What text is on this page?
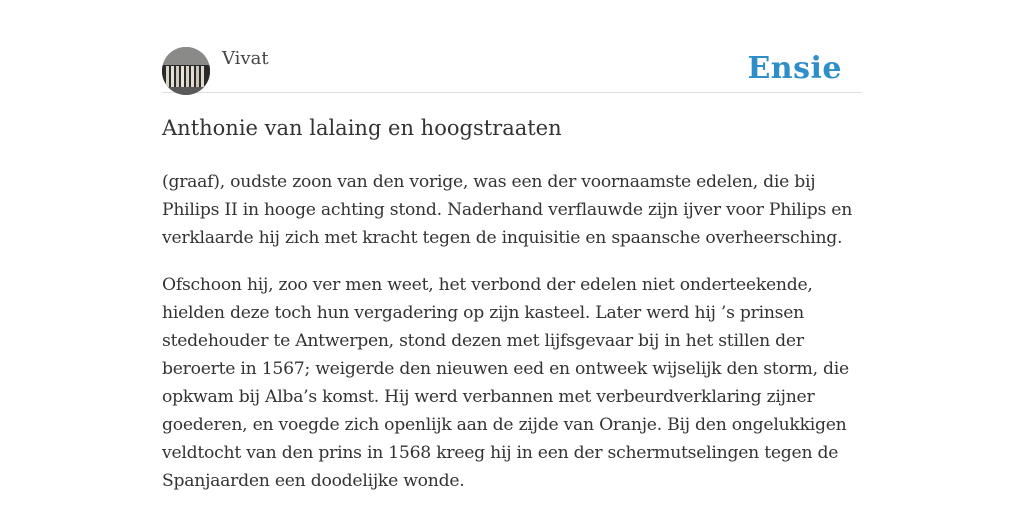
Vivat	Ensie
Anthonie van lalaing en hoogstraaten

(graaf), oudste zoon van den vorige, was een der voornaamste edelen, die bij
Philips II in hooge achting stond. Naderhand verflauwde zijn ijver voor Philips en
verklaarde hij zich met kracht tegen de inquisitie en spaansche overheersching.

Ofschoon hij, zoo ver men weet, het verbond der edelen niet onderteekende,
hielden deze toch hun vergadering op zijn kasteel. Later werd hij ’s prinsen
stedehouder te Antwerpen, stond dezen met lijfsgevaar bij in het stillen der
beroerte in 1567; weigerde den nieuwen eed en ontweek wijselijk den storm, die
opkwam bij Alba’s komst. Hij werd verbannen met verbeurdverklaring zijner
goederen, en voegde zich openlijk aan de zijde van Oranje. Bij den ongelukkigen
veldtocht van den prins in 1568 kreeg hij in een der schermutselingen tegen de
Spanjaarden een doodelijke wonde.
